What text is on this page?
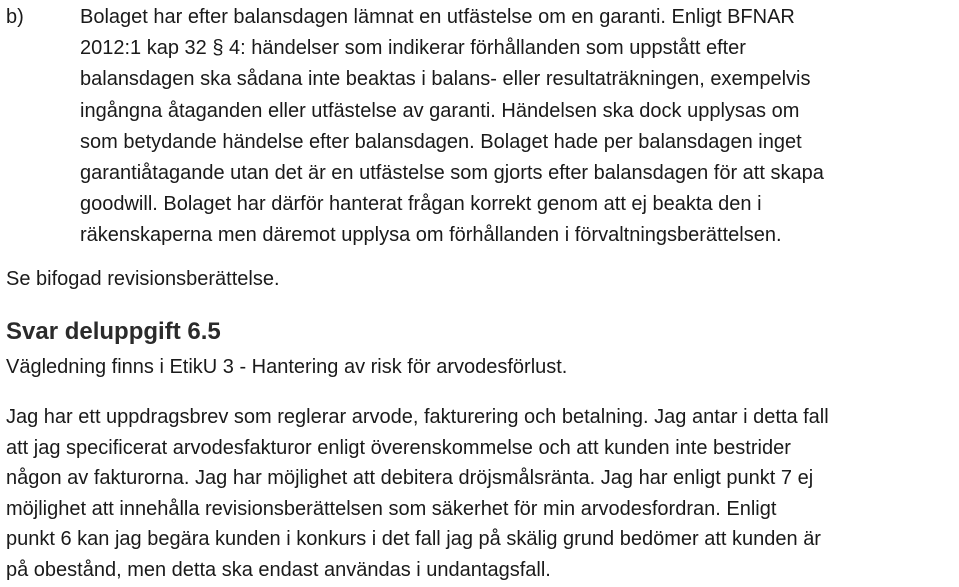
b)	Bolaget har efter balansdagen lämnat en utfästelse om en garanti. Enligt BFNAR
2012:1 kap 32 § 4: händelser som indikerar förhållanden som uppstått efter
balansdagen ska sådana inte beaktas i balans- eller resultaträkningen, exempelvis
ingångna åtaganden eller utfästelse av garanti. Händelsen ska dock upplysas om
som betydande händelse efter balansdagen. Bolaget hade per balansdagen inget
garantiåtagande utan det är en utfästelse som gjorts efter balansdagen för att skapa
goodwill. Bolaget har därför hanterat frågan korrekt genom att ej beakta den i
räkenskaperna men däremot upplysa om förhållanden i förvaltningsberättelsen.
Se bifogad revisionsberättelse.
Svar deluppgift 6.5
Vägledning finns i EtikU 3 - Hantering av risk för arvodesförlust.
Jag har ett uppdragsbrev som reglerar arvode, fakturering och betalning. Jag antar i detta fall
att jag specificerat arvodesfakturor enligt överenskommelse och att kunden inte bestrider
någon av fakturorna. Jag har möjlighet att debitera dröjsmålsränta. Jag har enligt punkt 7 ej
möjlighet att innehålla revisionsberättelsen som säkerhet för min arvodesfordran. Enligt
punkt 6 kan jag begära kunden i konkurs i det fall jag på skälig grund bedömer att kunden är
på obestånd, men detta ska endast användas i undantagsfall.
